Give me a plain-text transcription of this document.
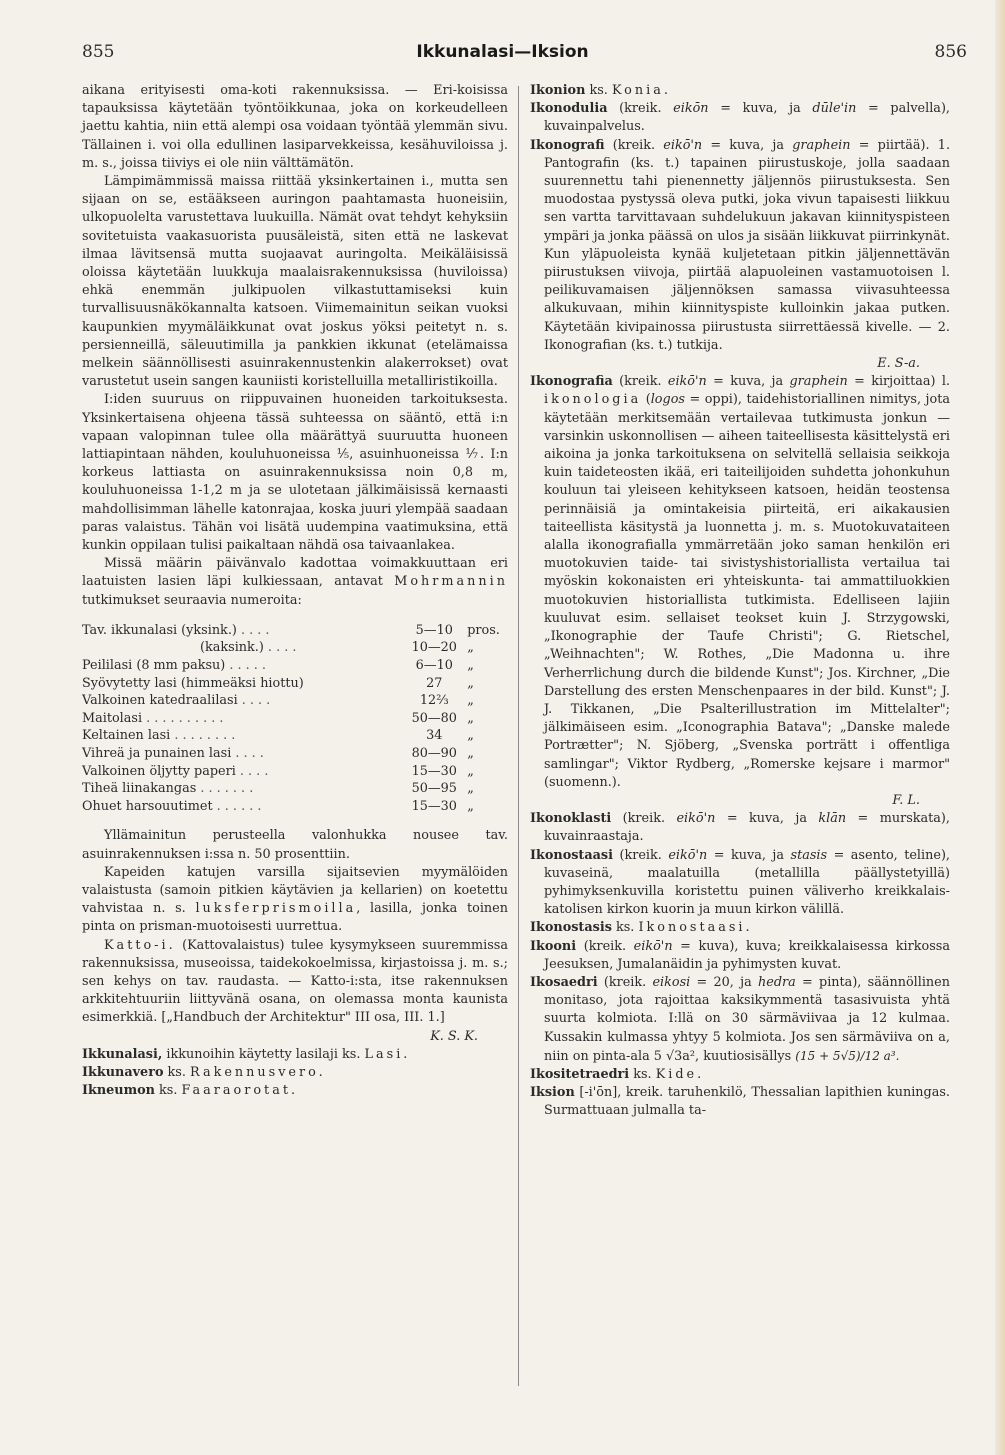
855	Ikkunalasi—Iksion	856

aikana erityisesti oma-koti rakennuksissa. — Eri-koisissa tapauksissa käytetään työntöikkunaa, joka on korkeudelleen jaettu kahtia, niin että alempi osa voidaan työntää ylemmän sivu. Tällainen i. voi olla edullinen lasiparvekkeissa, kesähuviloissa j. m. s., joissa tiiviys ei ole niin välttämätön.

Lämpimämmissä maissa riittää yksinkertainen i., mutta sen sijaan on se, estääkseen auringon paahtamasta huoneisiin, ulkopuolelta varustettava luukuilla. Nämät ovat tehdyt kehyksiin sovitetuista vaakasuorista puusäleistä, siten että ne laskevat ilmaa lävitsensä mutta suojaavat auringolta. Meikäläisissä oloissa käytetään luukkuja maalaisrakennuksissa (huviloissa) ehkä enemmän julkipuolen vilkastuttamiseksi kuin turvallisuusnäkökannalta katsoen. Viimemainitun seikan vuoksi kaupunkien myymäläikkunat ovat joskus yöksi peitetyt n. s. persienneillä, säleuutimilla ja pankkien ikkunat (etelämaissa melkein säännöllisesti asuinrakennustenkin alakerrokset) ovat varustetut usein sangen kauniisti koristelluilla metalliristikoilla.

I:iden suuruus on riippuvainen huoneiden tarkoituksesta. Yksinkertaisena ohjeena tässä suhteessa on sääntö, että i:n vapaan valopinnan tulee olla määrättyä suuruutta huoneen lattiapintaan nähden, kouluhuoneissa ⅕, asuinhuoneissa ⅐. I:n korkeus lattiasta on asuinrakennuksissa noin 0,8 m, kouluhuoneissa 1-1,2 m ja se ulotetaan jälkimäisissä kernaasti mahdollisimman lähelle katonrajaa, koska juuri ylempää saadaan paras valaistus. Tähän voi lisätä uudempina vaatimuksina, että kunkin oppilaan tulisi paikaltaan nähdä osa taivaanlakea.

Missä määrin päivänvalo kadottaa voimakkuuttaan eri laatuisten lasien läpi kulkiessaan, antavat Mohrmannin tutkimukset seuraavia numeroita:

Tav. ikkunalasi (yksink.) . . . .	5—10	pros.
(kaksink.) . . . .	10—20	„
Peililasi (8 mm paksu) . . . . .	6—10	„
Syövytetty lasi (himmeäksi hiottu)	27	„
Valkoinen katedraalilasi . . . .	12⅔	„
Maitolasi . . . . . . . . . .	50—80	„
Keltainen lasi . . . . . . . .	34	„
Vihreä ja punainen lasi . . . .	80—90	„
Valkoinen öljytty paperi . . . .	15—30	„
Tiheä liinakangas . . . . . . .	50—95	„
Ohuet harsouutimet . . . . . .	15—30	„

Yllämainitun perusteella valonhukka nousee tav. asuinrakennuksen i:ssa n. 50 prosenttiin.

Kapeiden katujen varsilla sijaitsevien myymälöiden valaistusta (samoin pitkien käytävien ja kellarien) on koetettu vahvistaa n. s. luksferprismoilla, lasilla, jonka toinen pinta on prisman-muotoisesti uurrettua.

Katto-i. (Kattovalaistus) tulee kysymykseen suuremmissa rakennuksissa, museoissa, taidekokoelmissa, kirjastoissa j. m. s.; sen kehys on tav. raudasta. — Katto-i:sta, itse rakennuksen arkkitehtuuriin liittyvänä osana, on olemassa monta kaunista esimerkkiä. [„Handbuch der Architektur" III osa, III. 1.]
K. S. K.

Ikkunalasi, ikkunoihin käytetty lasilaji ks. Lasi.

Ikkunavero ks. Rakennusvero.

Ikneumon ks. Faaraorotat.

Ikonion ks. Konia.

Ikonodulia (kreik. eikōn = kuva, ja dūle'in = palvella), kuvainpalvelus.

Ikonografi (kreik. eikō'n = kuva, ja graphein = piirtää). 1. Pantografin (ks. t.) tapainen piirustuskoje, jolla saadaan suurennettu tahi pienennetty jäljennös piirustuksesta. Sen muodostaa pystyssä oleva putki, joka vivun tapaisesti liikkuu sen vartta tarvittavaan suhdelukuun jakavan kiinnityspisteen ympäri ja jonka päässä on ulos ja sisään liikkuvat piirrinkynät. Kun yläpuoleista kynää kuljetetaan pitkin jäljennettävän piirustuksen viivoja, piirtää alapuoleinen vastamuotoisen l. peilikuvamaisen jäljennöksen samassa viivasuhteessa alkukuvaan, mihin kiinnityspiste kulloinkin jakaa putken. Käytetään kivipainossa piirustusta siirrettäessä kivelle. — 2. Ikonografian (ks. t.) tutkija.
E. S-a.

Ikonografia (kreik. eikō'n = kuva, ja graphein = kirjoittaa) l. ikonologia (logos = oppi), taidehistoriallinen nimitys, jota käytetään merkitsemään vertailevaa tutkimusta jonkun — varsinkin uskonnollisen — aiheen taiteellisesta käsittelystä eri aikoina ja jonka tarkoituksena on selvitellä sellaisia seikkoja kuin taideteosten ikää, eri taiteilijoiden suhdetta johonkuhun kouluun tai yleiseen kehitykseen katsoen, heidän teostensa perinnäisiä ja omintakeisia piirteitä, eri aikakausien taiteellista käsitystä ja luonnetta j. m. s. Muotokuvataiteen alalla ikonografialla ymmärretään joko saman henkilön eri muotokuvien taide- tai sivistyshistoriallista vertailua tai myöskin kokonaisten eri yhteiskunta- tai ammattiluokkien muotokuvien historiallista tutkimista. Edelliseen lajiin kuuluvat esim. sellaiset teokset kuin J. Strzygowski, „Ikonographie der Taufe Christi"; G. Rietschel, „Weihnachten"; W. Rothes, „Die Madonna u. ihre Verherrlichung durch die bildende Kunst"; Jos. Kirchner, „Die Darstellung des ersten Menschenpaares in der bild. Kunst"; J. J. Tikkanen, „Die Psalterillustration im Mittelalter"; jälkimäiseen esim. „Iconographia Batava"; „Danske malede Portrætter"; N. Sjöberg, „Svenska porträtt i offentliga samlingar"; Viktor Rydberg, „Romerske kejsare i marmor" (suomenn.).
F. L.

Ikonoklasti (kreik. eikō'n = kuva, ja klān = murskata), kuvainraastaja.

Ikonostaasi (kreik. eikō'n = kuva, ja stasis = asento, teline), kuvaseinä, maalatuilla (metallilla päällystetyillä) pyhimyksenkuvilla koristettu puinen väliverho kreikkalais-katolisen kirkon kuorin ja muun kirkon välillä.

Ikonostasis ks. Ikonostaasi.

Ikooni (kreik. eikō'n = kuva), kuva; kreikkalaisessa kirkossa Jeesuksen, Jumalanäidin ja pyhimysten kuvat.

Ikosaedri (kreik. eikosi = 20, ja hedra = pinta), säännöllinen monitaso, jota rajoittaa kaksikymmentä tasasivuista yhtä suurta kolmiota. I:llä on 30 särmäviivaa ja 12 kulmaa. Kussakin kulmassa yhtyy 5 kolmiota. Jos sen särmäviiva on a, niin on pinta-ala 5 √3a², kuutiosisällys (15 + 5√5)/12 a³.

Ikositetraedri ks. Kide.

Iksion [-i'ōn], kreik. taruhenkilö, Thessalian lapithien kuningas. Surmattuaan julmalla ta-
